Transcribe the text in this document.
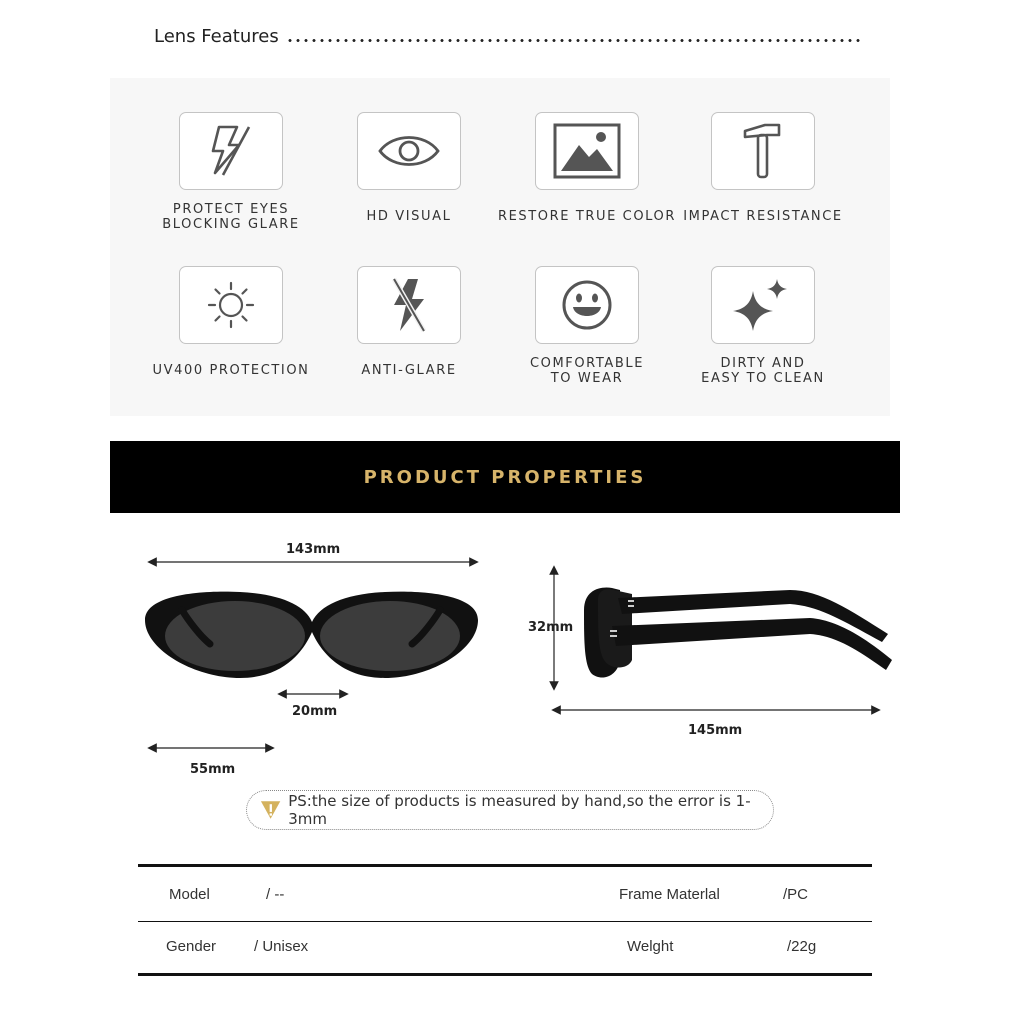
Lens Features
PROTECT EYES
BLOCKING GLARE
HD VISUAL	RESTORE TRUE COLOR IMPACT RESISTANCE
UV400 PROTECTION	ANTI-GLARE	COMFORTABLE
TO WEAR
DIRTY AND
EASY TO CLEAN
PRODUCT PROPERTIES
143mm
20mm
55mm
32mm
145mm
PS:the size of products is measured by hand,so the error is 1-3mm
Model	/ --	Frame Materlal	/PC
Gender	/ Unisex	Welght	/22g
